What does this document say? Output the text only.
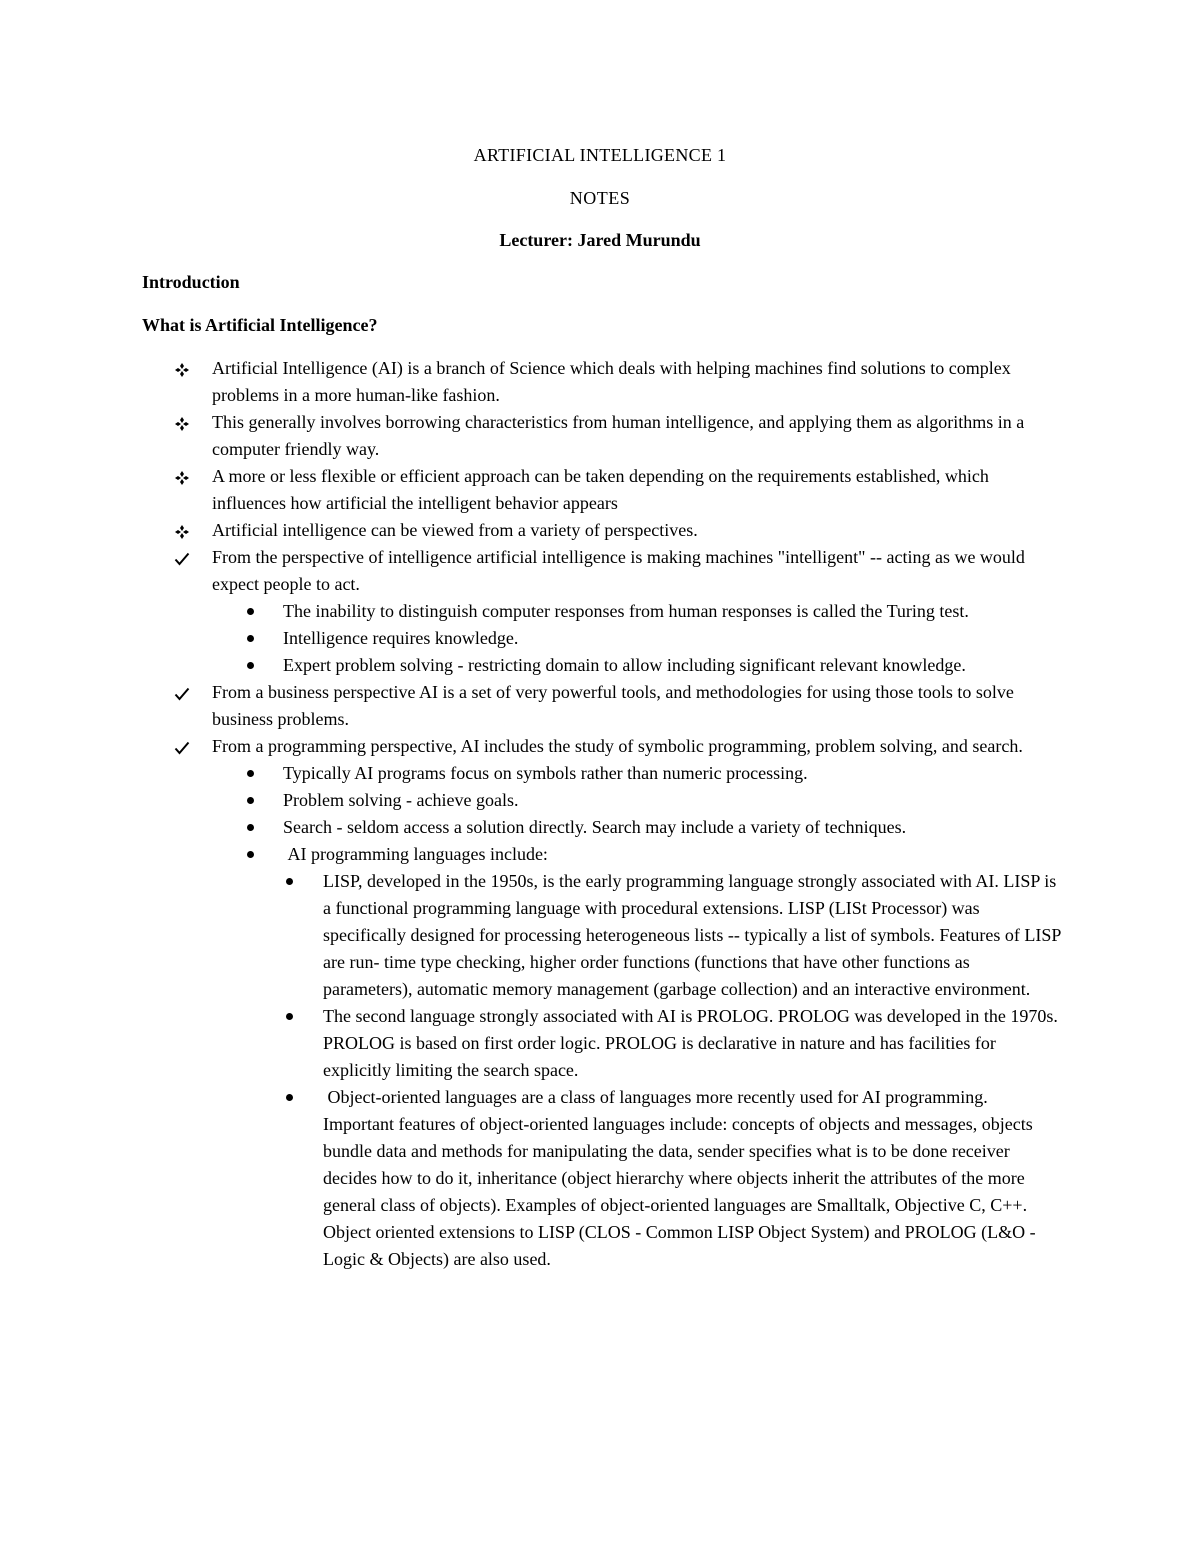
ARTIFICIAL INTELLIGENCE 1
NOTES
Lecturer: Jared Murundu
Introduction
What is Artificial Intelligence?
Artificial Intelligence (AI) is a branch of Science which deals with helping machines find solutions to complex problems in a more human-like fashion.
This generally involves borrowing characteristics from human intelligence, and applying them as algorithms in a computer friendly way.
A more or less flexible or efficient approach can be taken depending on the requirements established, which influences how artificial the intelligent behavior appears
Artificial intelligence can be viewed from a variety of perspectives.
From the perspective of intelligence artificial intelligence is making machines "intelligent" -- acting as we would expect people to act.
The inability to distinguish computer responses from human responses is called the Turing test.
Intelligence requires knowledge.
Expert problem solving - restricting domain to allow including significant relevant knowledge.
From a business perspective AI is a set of very powerful tools, and methodologies for using those tools to solve business problems.
From a programming perspective, AI includes the study of symbolic programming, problem solving, and search.
Typically AI programs focus on symbols rather than numeric processing.
Problem solving - achieve goals.
Search - seldom access a solution directly. Search may include a variety of techniques.
AI programming languages include:
LISP, developed in the 1950s, is the early programming language strongly associated with AI. LISP is a functional programming language with procedural extensions. LISP (LISt Processor) was specifically designed for processing heterogeneous lists -- typically a list of symbols. Features of LISP are run- time type checking, higher order functions (functions that have other functions as parameters), automatic memory management (garbage collection) and an interactive environment.
The second language strongly associated with AI is PROLOG. PROLOG was developed in the 1970s. PROLOG is based on first order logic. PROLOG is declarative in nature and has facilities for explicitly limiting the search space.
Object-oriented languages are a class of languages more recently used for AI programming. Important features of object-oriented languages include: concepts of objects and messages, objects bundle data and methods for manipulating the data, sender specifies what is to be done receiver decides how to do it, inheritance (object hierarchy where objects inherit the attributes of the more general class of objects). Examples of object-oriented languages are Smalltalk, Objective C, C++. Object oriented extensions to LISP (CLOS - Common LISP Object System) and PROLOG (L&O - Logic & Objects) are also used.
